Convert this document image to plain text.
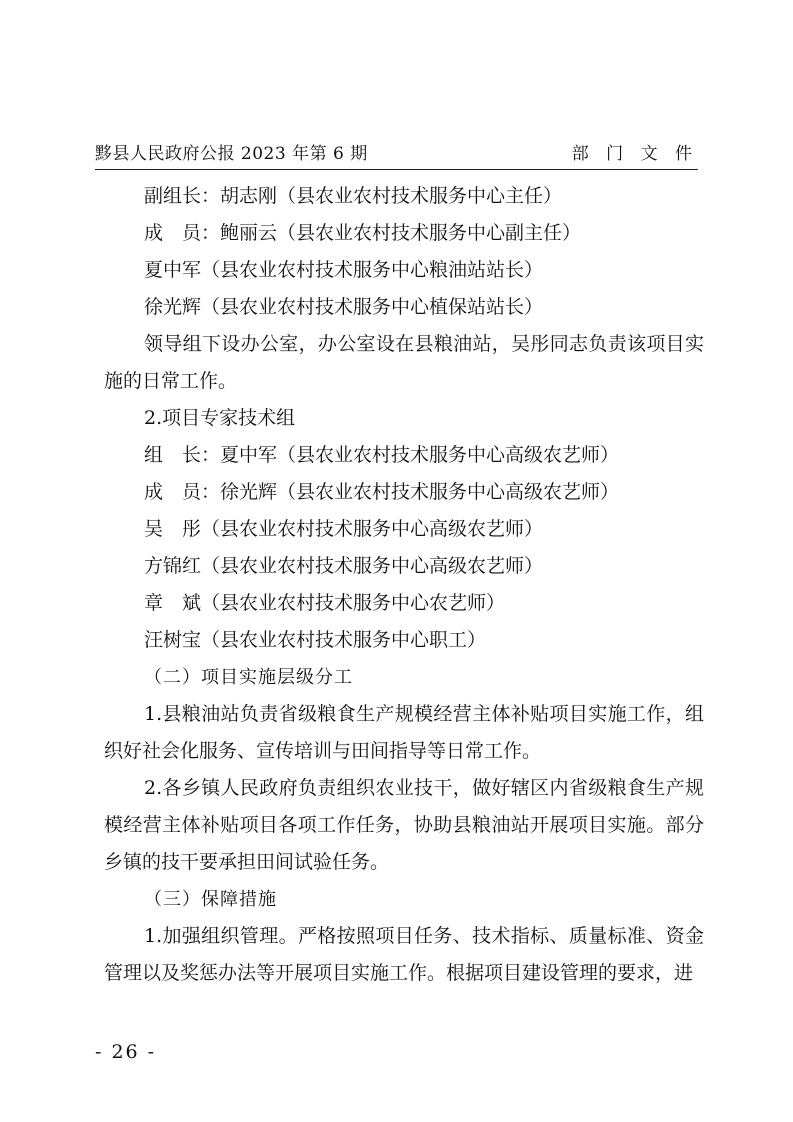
黟县人民政府公报 2023 年第 6 期	部 门 文 件

副组长：胡志刚（县农业农村技术服务中心主任）

成　员：鲍丽云（县农业农村技术服务中心副主任）

夏中军（县农业农村技术服务中心粮油站站长）

徐光辉（县农业农村技术服务中心植保站站长）

领导组下设办公室，办公室设在县粮油站，吴彤同志负责该项目实施的日常工作。

2.项目专家技术组

组　长：夏中军（县农业农村技术服务中心高级农艺师）

成　员：徐光辉（县农业农村技术服务中心高级农艺师）

吴　彤（县农业农村技术服务中心高级农艺师）

方锦红（县农业农村技术服务中心高级农艺师）

章　斌（县农业农村技术服务中心农艺师）

汪树宝（县农业农村技术服务中心职工）

（二）项目实施层级分工

1.县粮油站负责省级粮食生产规模经营主体补贴项目实施工作，组织好社会化服务、宣传培训与田间指导等日常工作。

2.各乡镇人民政府负责组织农业技干，做好辖区内省级粮食生产规模经营主体补贴项目各项工作任务，协助县粮油站开展项目实施。部分乡镇的技干要承担田间试验任务。

（三）保障措施

1.加强组织管理。严格按照项目任务、技术指标、质量标准、资金管理以及奖惩办法等开展项目实施工作。根据项目建设管理的要求，进

- 26 -
